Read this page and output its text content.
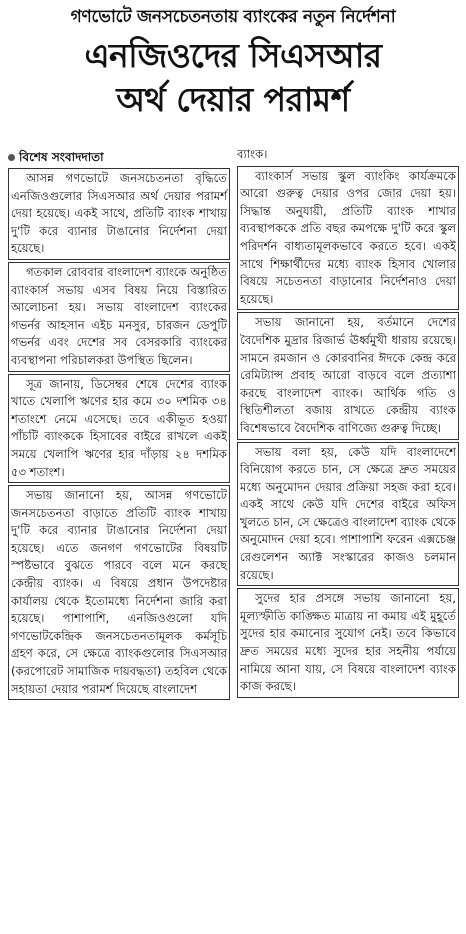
গণভোটে জনসচেতনতায় ব্যাংকের নতুন নির্দেশনা
এনজিওদের সিএসআর
অর্থ দেয়ার পরামর্শ
বিশেষ সংবাদদাতা

আসন্ন গণভোটে জনসচেতনতা বৃদ্ধিতে এনজিওগুলোর সিএসআর অর্থ দেয়ার পরামর্শ দেয়া হয়েছে। একই সাথে, প্রতিটি ব্যাংক শাখায় দু'টি করে ব্যানার টাঙানোর নির্দেশনা দেয়া হয়েছে।

গতকাল রোববার বাংলাদেশ ব্যাংকে অনুষ্ঠিত ব্যাংকার্স সভায় এসব বিষয় নিয়ে বিস্তারিত আলোচনা হয়। সভায় বাংলাদেশ ব্যাংকের গভর্নর আহসান এইচ মনসুর, চারজন ডেপুটি গভর্নর এবং দেশের সব বেসরকারি ব্যাংকের ব্যবস্থাপনা পরিচালকরা উপস্থিত ছিলেন।

সূত্র জানায়, ডিসেম্বর শেষে দেশের ব্যাংক খাতে খেলাপি ঋণের হার কমে ৩০ দশমিক ৩৪ শতাংশে নেমে এসেছে। তবে একীভূত হওয়া পাঁচটি ব্যাংককে হিসাবের বাইরে রাখলে একই সময়ে খেলাপি ঋণের হার দাঁড়ায় ২৪ দশমিক ৫৩ শতাংশ।

সভায় জানানো হয়, আসন্ন গণভোটে জনসচেতনতা বাড়াতে প্রতিটি ব্যাংক শাখায় দু'টি করে ব্যানার টাঙানোর নির্দেশনা দেয়া হয়েছে। এতে জনগণ গণভোটের বিষয়টি স্পষ্টভাবে বুঝতে পারবে বলে মনে করছে কেন্দ্রীয় ব্যাংক। এ বিষয়ে প্রধান উপদেষ্টার কার্যালয় থেকে ইতোমধ্যে নির্দেশনা জারি করা হয়েছে। পাশাপাশি, এনজিওগুলো যদি গণভোটকেন্দ্রিক জনসচেতনতামূলক কর্মসূচি গ্রহণ করে, সে ক্ষেত্রে ব্যাংকগুলোর সিএসআর (করপোরেট সামাজিক দায়বদ্ধতা) তহবিল থেকে সহায়তা দেয়ার পরামর্শ দিয়েছে বাংলাদেশ

ব্যাংক।

ব্যাংকার্স সভায় স্কুল ব্যাংকিং কার্যক্রমকে আরো গুরুত্ব দেয়ার ওপর জোর দেয়া হয়। সিদ্ধান্ত অনুযায়ী, প্রতিটি ব্যাংক শাখার ব্যবস্থাপককে প্রতি বছর কমপক্ষে দু'টি করে স্কুল পরিদর্শন বাধ্যতামূলকভাবে করতে হবে। একই সাথে শিক্ষার্থীদের মধ্যে ব্যাংক হিসাব খোলার বিষয়ে সচেতনতা বাড়ানোর নির্দেশনাও দেয়া হয়েছে।

সভায় জানানো হয়, বর্তমানে দেশের বৈদেশিক মুদ্রার রিজার্ভ ঊর্ধ্বমুখী ধারায় রয়েছে। সামনে রমজান ও কোরবানির ঈদকে কেন্দ্র করে রেমিট্যান্স প্রবাহ আরো বাড়বে বলে প্রত্যাশা করছে বাংলাদেশ ব্যাংক। আর্থিক গতি ও স্থিতিশীলতা বজায় রাখতে কেন্দ্রীয় ব্যাংক বিশেষভাবে বৈদেশিক বাণিজ্যে গুরুত্ব দিচ্ছে।

সভায় বলা হয়, কেউ যদি বাংলাদেশে বিনিয়োগ করতে চান, সে ক্ষেত্রে দ্রুত সময়ের মধ্যে অনুমোদন দেয়ার প্রক্রিয়া সহজ করা হবে। একই সাথে কেউ যদি দেশের বাইরে অফিস খুলতে চান, সে ক্ষেত্রেও বাংলাদেশ ব্যাংক থেকে অনুমোদন দেয়া হবে। পাশাপাশি ফরেন এক্সচেঞ্জ রেগুলেশন অ্যাক্ট সংস্কারের কাজও চলমান রয়েছে।

সুদের হার প্রসঙ্গে সভায় জানানো হয়, মূল্যস্ফীতি কাঙ্ক্ষিত মাত্রায় না কমায় এই মুহূর্তে সুদের হার কমানোর সুযোগ নেই। তবে কিভাবে দ্রুত সময়ের মধ্যে সুদের হার সহনীয় পর্যায়ে নামিয়ে আনা যায়, সে বিষয়ে বাংলাদেশ ব্যাংক কাজ করছে।
